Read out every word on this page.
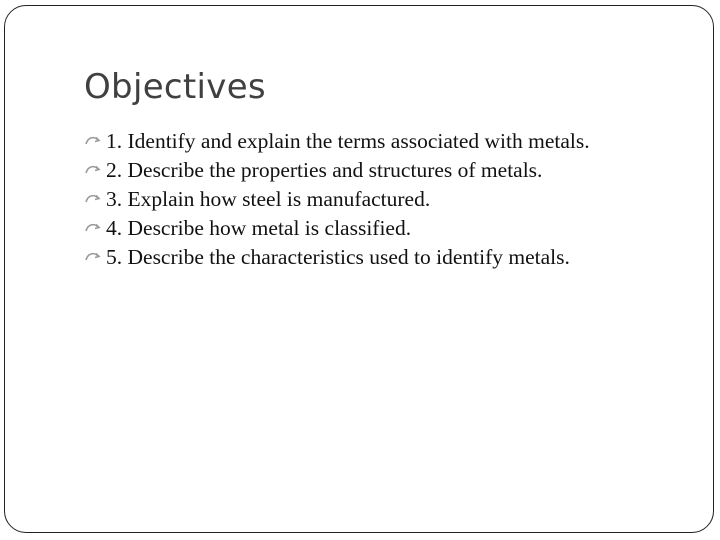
Objectives
1. Identify and explain the terms associated with metals.
2. Describe the properties and structures of metals.
3. Explain how steel is manufactured.
4. Describe how metal is classified.
5. Describe the characteristics used to identify metals.
